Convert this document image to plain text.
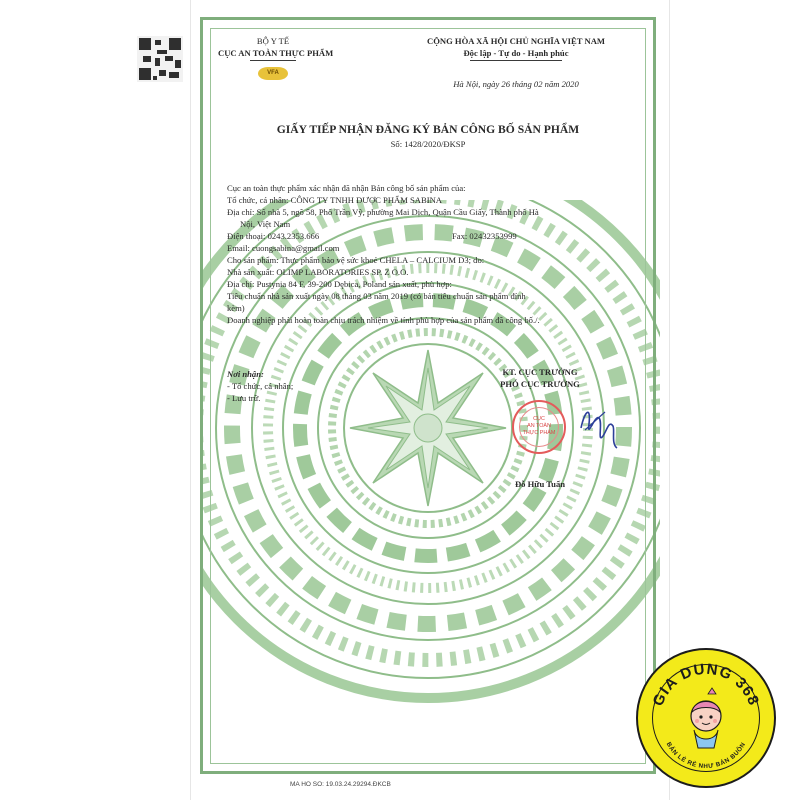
BỘ Y TẾ
CỤC AN TOÀN THỰC PHẨM
VFA
CỘNG HÒA XÃ HỘI CHỦ NGHĨA VIỆT NAM
Độc lập - Tự do - Hạnh phúc
Hà Nội, ngày 26 tháng 02 năm 2020
GIẤY TIẾP NHẬN ĐĂNG KÝ BẢN CÔNG BỐ SẢN PHẨM
Số: 1428/2020/ĐKSP
Cục an toàn thực phẩm xác nhận đã nhận Bản công bố sản phẩm của:
Tổ chức, cá nhân: CÔNG TY TNHH DƯỢC PHẨM SABINA
Địa chỉ: Số nhà 5, ngõ 58, Phố Trần Vỹ, phường Mai Dịch, Quận Cầu Giấy, Thành phố Hà
Nội, Việt Nam
Điện thoại: 0243.2353.666	Fax: 02432353999
Email: cuongsabina@gmail.com
Cho sản phẩm: Thực phẩm bảo vệ sức khoẻ CHELA – CALCIUM D3; do:
Nhà sản xuất: OLIMP LABORATORIES SP. Z O.O.
Địa chỉ: Pustynia 84 F, 39-200 Dębica, Poland sản xuất, phù hợp:
Tiêu chuẩn nhà sản xuất ngày 08 tháng 03 năm 2019 (có bản tiêu chuẩn sản phẩm đính
kèm)
Doanh nghiệp phải hoàn toàn chịu trách nhiệm về tính phù hợp của sản phẩm đã công bố./.
Nơi nhận:
- Tổ chức, cá nhân;
- Lưu trữ.
KT. CỤC TRƯỞNG
PHÓ CỤC TRƯỞNG
CỤC
AN TOÀN
THỰC PHẨM
Đỗ Hữu Tuấn
MA HO SO: 19.03.24.29294.ĐKCB
GIA DUNG 368
BÁN LẺ RẺ NHƯ BÁN BUÔN
